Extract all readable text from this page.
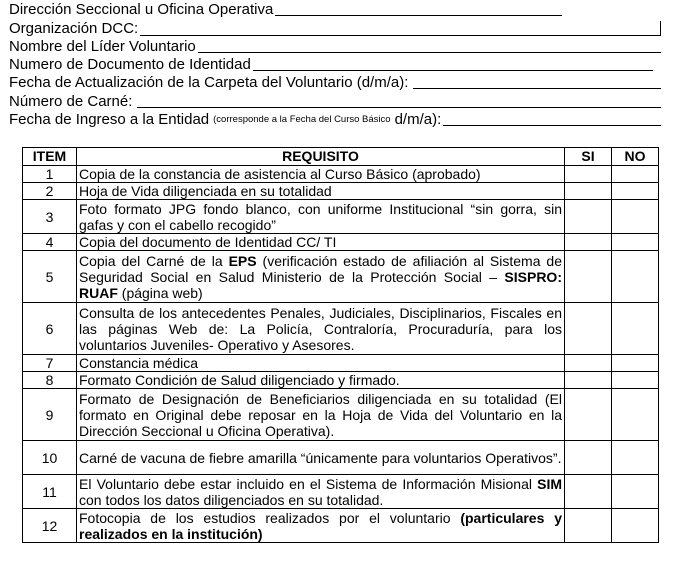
Dirección Seccional u Oficina Operativa
Organización DCC:
Nombre del Líder Voluntario
Numero de Documento de Identidad
Fecha de Actualización de la Carpeta del Voluntario (d/m/a):
Número de Carné:
Fecha de Ingreso a la Entidad (corresponde a la Fecha del Curso Básico d/m/a):
ITEM	REQUISITO	SI	NO
1	Copia de la constancia de asistencia al Curso Básico (aprobado)		

2	Hoja de Vida diligenciada en su totalidad		

3	Foto formato JPG fondo blanco, con uniforme Institucional “sin gorra, sin gafas y con el cabello recogido”		

4	Copia del documento de Identidad CC/ TI		

5	Copia del Carné de la EPS (verificación estado de afiliación al Sistema de Seguridad Social en Salud Ministerio de la Protección Social – SISPRO: RUAF (página web)		

6	Consulta de los antecedentes Penales, Judiciales, Disciplinarios, Fiscales en las páginas Web de: La Policía, Contraloría, Procuraduría, para los voluntarios Juveniles- Operativo y Asesores.		

7	Constancia médica		

8	Formato Condición de Salud diligenciado y firmado.		

9	Formato de Designación de Beneficiarios diligenciada en su totalidad (El formato en Original debe reposar en la Hoja de Vida del Voluntario en la Dirección Seccional u Oficina Operativa).		

10	Carné de vacuna de fiebre amarilla “únicamente para voluntarios Operativos”.		

11	El Voluntario debe estar incluido en el Sistema de Información Misional SIM con todos los datos diligenciados en su totalidad.		

12	Fotocopia de los estudios realizados por el voluntario (particulares y realizados en la institución)		
